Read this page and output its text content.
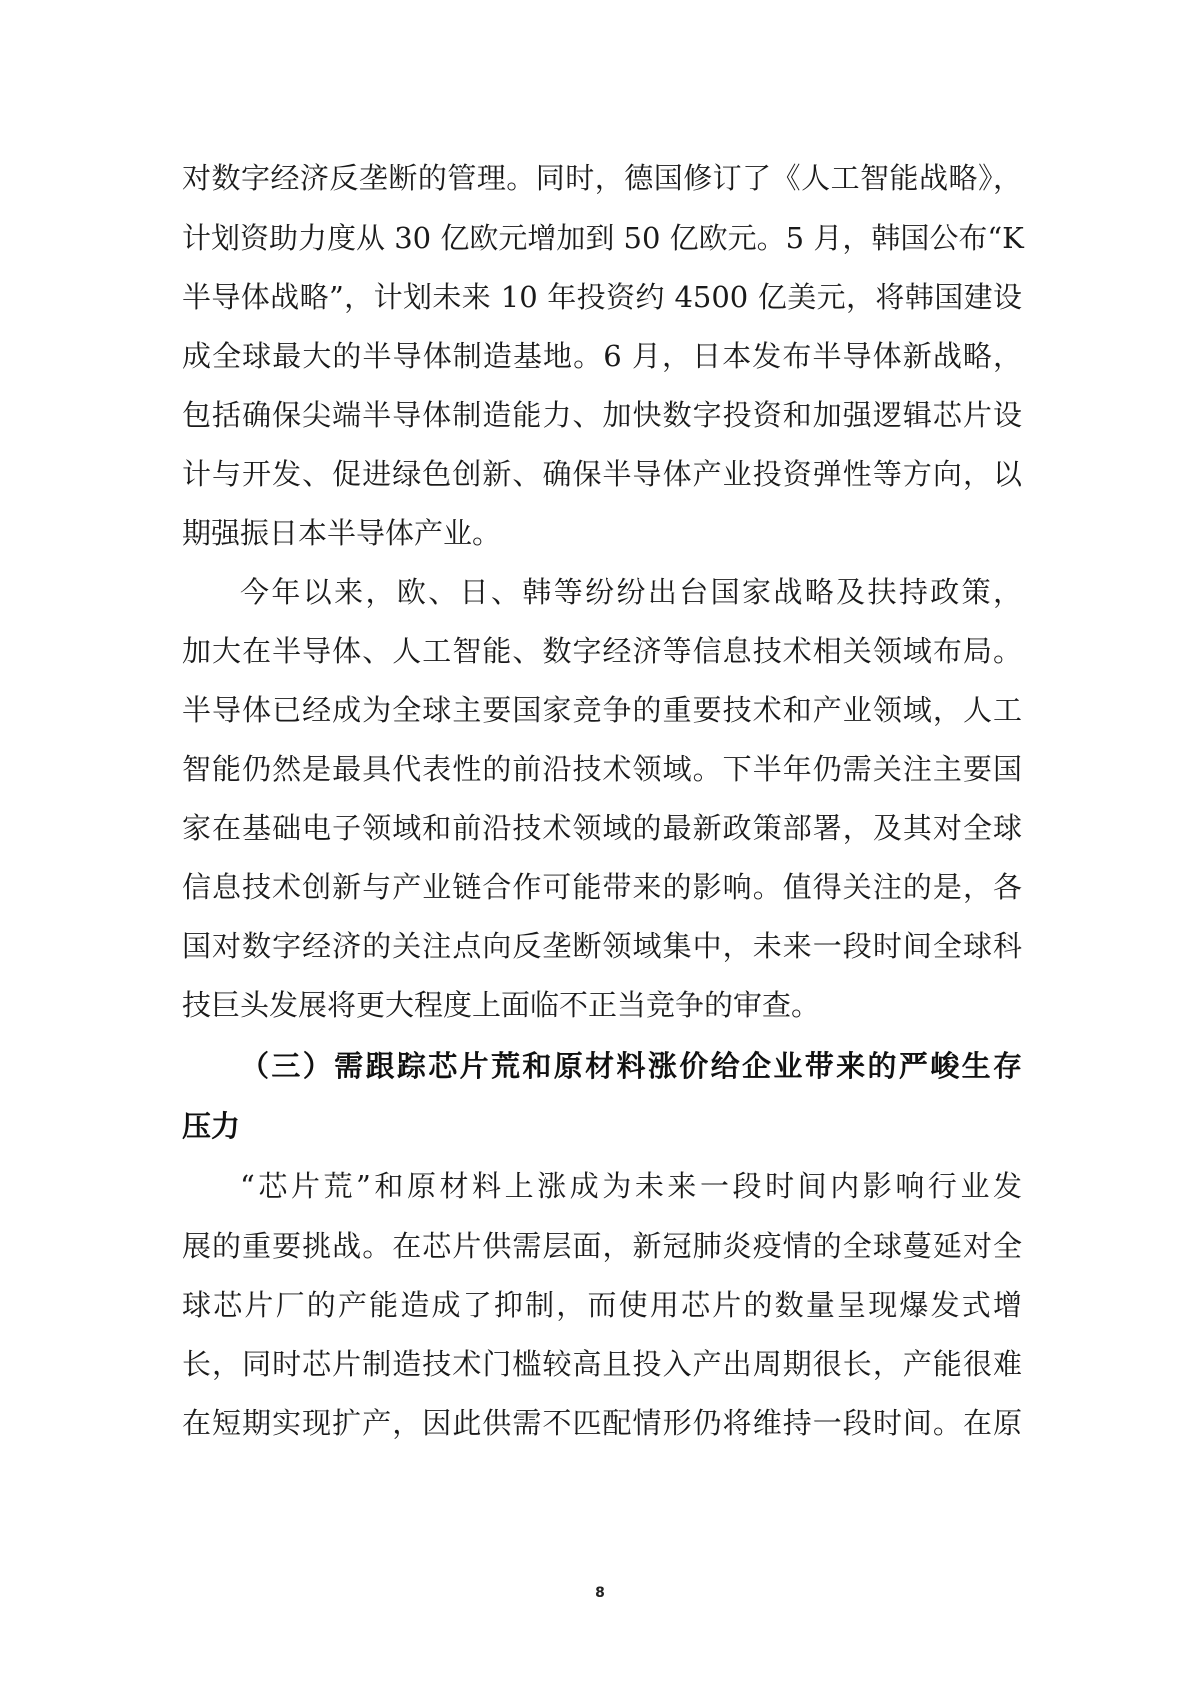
对数字经济反垄断的管理。同时，德国修订了《人工智能战略》，
计划资助力度从 30 亿欧元增加到 50 亿欧元。5 月，韩国公布“K
半导体战略”，计划未来 10 年投资约 4500 亿美元，将韩国建设
成全球最大的半导体制造基地。6 月，日本发布半导体新战略，
包括确保尖端半导体制造能力、加快数字投资和加强逻辑芯片设
计与开发、促进绿色创新、确保半导体产业投资弹性等方向，以
期强振日本半导体产业。
今年以来，欧、日、韩等纷纷出台国家战略及扶持政策，
加大在半导体、人工智能、数字经济等信息技术相关领域布局。
半导体已经成为全球主要国家竞争的重要技术和产业领域，人工
智能仍然是最具代表性的前沿技术领域。下半年仍需关注主要国
家在基础电子领域和前沿技术领域的最新政策部署，及其对全球
信息技术创新与产业链合作可能带来的影响。值得关注的是，各
国对数字经济的关注点向反垄断领域集中，未来一段时间全球科
技巨头发展将更大程度上面临不正当竞争的审查。
（三）需跟踪芯片荒和原材料涨价给企业带来的严峻生存
压力
“芯片荒”和原材料上涨成为未来一段时间内影响行业发
展的重要挑战。在芯片供需层面，新冠肺炎疫情的全球蔓延对全
球芯片厂的产能造成了抑制，而使用芯片的数量呈现爆发式增
长，同时芯片制造技术门槛较高且投入产出周期很长，产能很难
在短期实现扩产，因此供需不匹配情形仍将维持一段时间。在原
8
